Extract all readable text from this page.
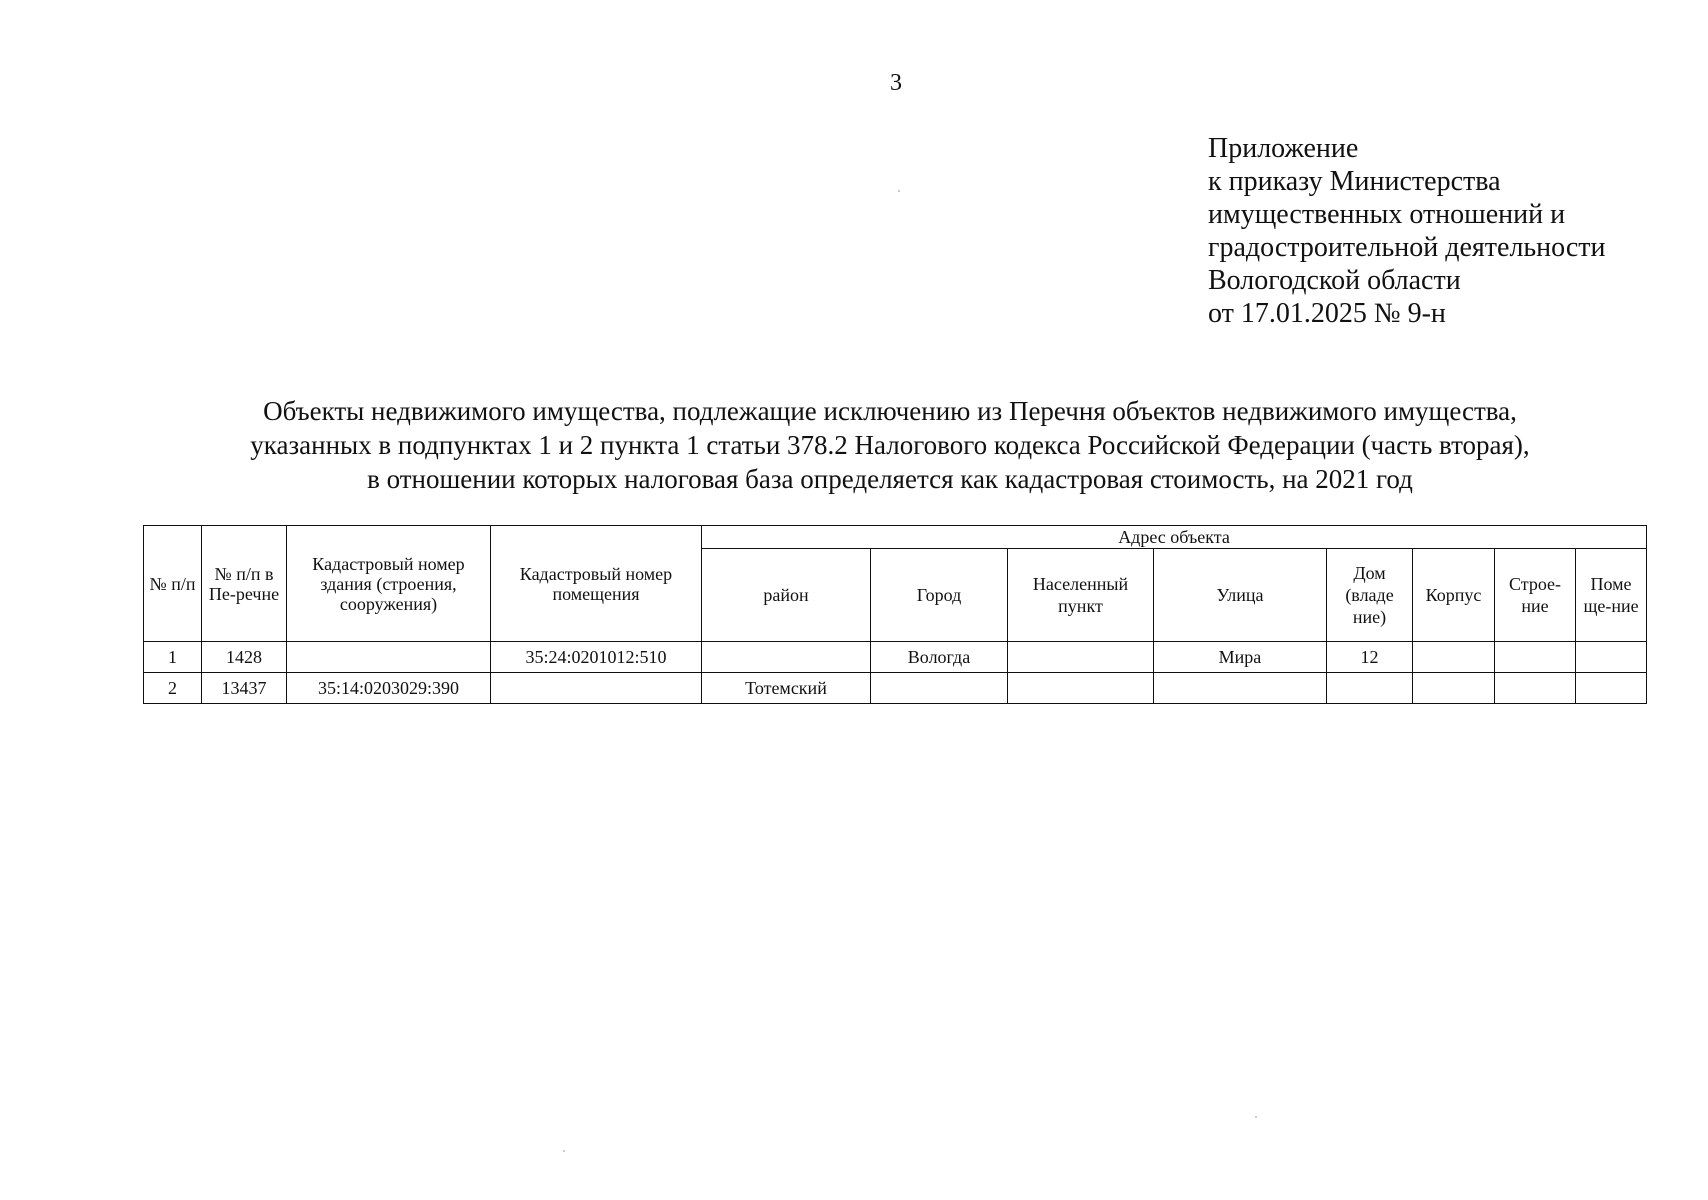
3
Приложение
к приказу Министерства
имущественных отношений и
градостроительной деятельности
Вологодской области
от 17.01.2025 № 9-н
Объекты недвижимого имущества, подлежащие исключению из Перечня объектов недвижимого имущества,
указанных в подпунктах 1 и 2 пункта 1 статьи 378.2 Налогового кодекса Российской Федерации (часть вторая),
в отношении которых налоговая база определяется как кадастровая стоимость, на 2021 год
№ п/п	№ п/п в Пе-речне	Кадастровый номер здания (строения, сооружения)	Кадастровый номер помещения	Адрес объекта							
				район	Город	Населенный пункт	Улица	Дом (владе ние)	Корпус	Строе-ние	Поме ще-ние
1	1428		35:24:0201012:510		Вологда		Мира	12			
2	13437	35:14:0203029:390		Тотемский							
